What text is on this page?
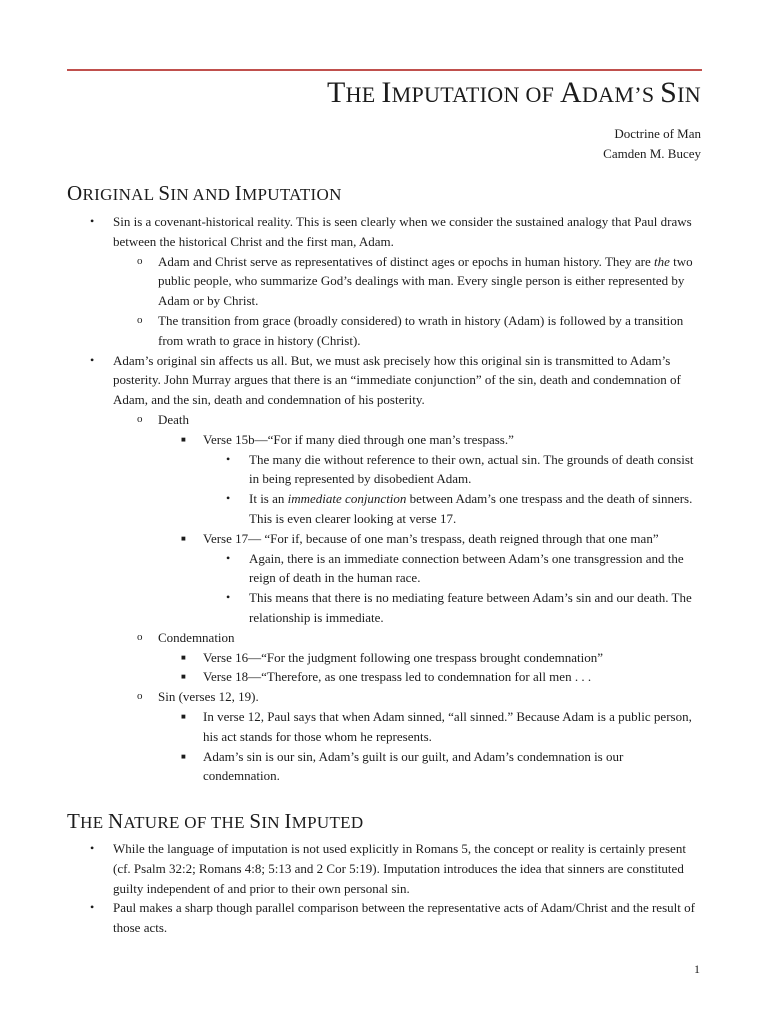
THE IMPUTATION OF ADAM’S SIN
Doctrine of Man
Camden M. Bucey
ORIGINAL SIN AND IMPUTATION
• Sin is a covenant-historical reality. This is seen clearly when we consider the sustained analogy that Paul draws between the historical Christ and the first man, Adam.
o Adam and Christ serve as representatives of distinct ages or epochs in human history. They are the two public people, who summarize God’s dealings with man. Every single person is either represented by Adam or by Christ.
o The transition from grace (broadly considered) to wrath in history (Adam) is followed by a transition from wrath to grace in history (Christ).
• Adam’s original sin affects us all. But, we must ask precisely how this original sin is transmitted to Adam’s posterity. John Murray argues that there is an “immediate conjunction” of the sin, death and condemnation of Adam, and the sin, death and condemnation of his posterity.
o Death
■ Verse 15b—“For if many died through one man’s trespass.”
• The many die without reference to their own, actual sin. The grounds of death consist in being represented by disobedient Adam.
• It is an immediate conjunction between Adam’s one trespass and the death of sinners. This is even clearer looking at verse 17.
■ Verse 17— “For if, because of one man’s trespass, death reigned through that one man”
• Again, there is an immediate connection between Adam’s one transgression and the reign of death in the human race.
• This means that there is no mediating feature between Adam’s sin and our death. The relationship is immediate.
o Condemnation
■ Verse 16—“For the judgment following one trespass brought condemnation”
■ Verse 18—“Therefore, as one trespass led to condemnation for all men . . .
o Sin (verses 12, 19).
■ In verse 12, Paul says that when Adam sinned, “all sinned.” Because Adam is a public person, his act stands for those whom he represents.
■ Adam’s sin is our sin, Adam’s guilt is our guilt, and Adam’s condemnation is our condemnation.
THE NATURE OF THE SIN IMPUTED
• While the language of imputation is not used explicitly in Romans 5, the concept or reality is certainly present (cf. Psalm 32:2; Romans 4:8; 5:13 and 2 Cor 5:19). Imputation introduces the idea that sinners are constituted guilty independent of and prior to their own personal sin.
• Paul makes a sharp though parallel comparison between the representative acts of Adam/Christ and the result of those acts.
1
